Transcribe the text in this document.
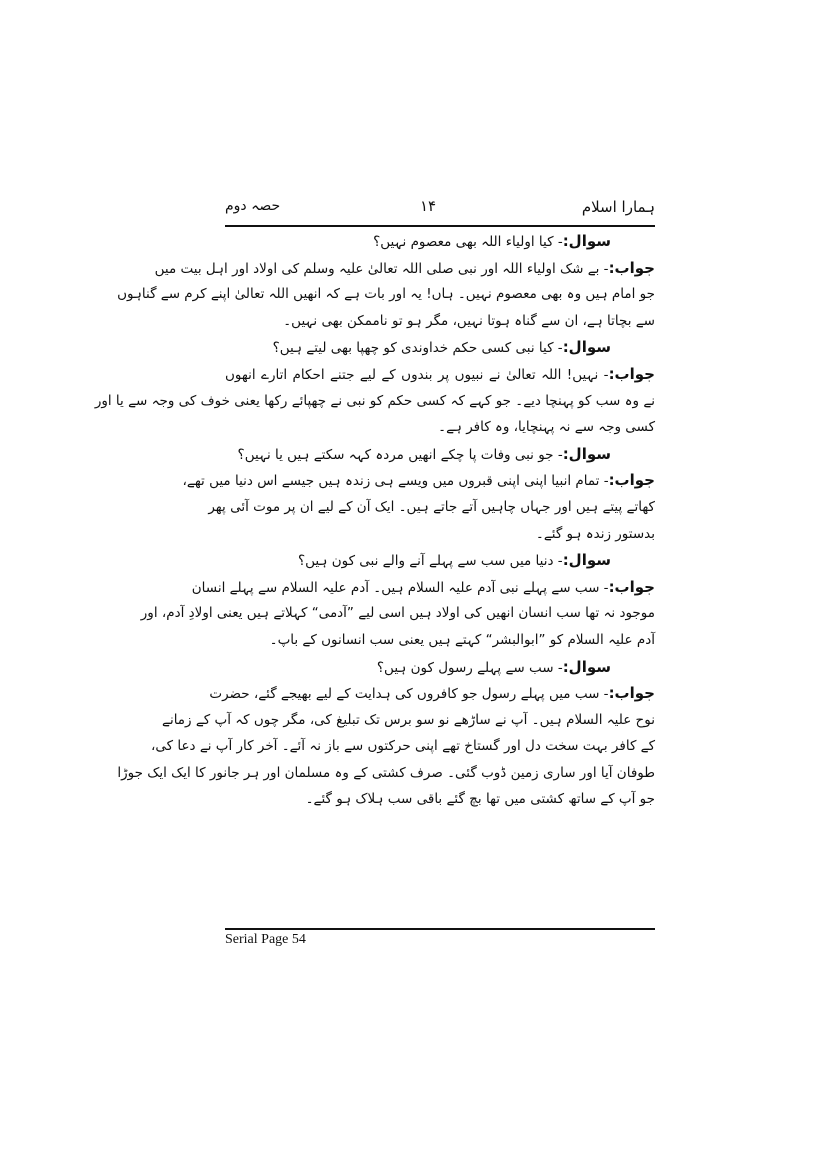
ہمارا اسلام
۱۴
حصہ دوم
سوال:- کیا اولیاء اللہ بھی معصوم نہیں؟
جواب:- بے شک اولیاء اللہ اور نبی صلی اللہ تعالیٰ علیہ وسلم کی اولاد اور اہل بیت میں
جو امام ہیں وہ بھی معصوم نہیں۔ ہاں! یہ اور بات ہے کہ انھیں اللہ تعالیٰ اپنے کرم سے گناہوں
سے بچاتا ہے، ان سے گناہ ہوتا نہیں، مگر ہو تو ناممکن بھی نہیں۔
سوال:- کیا نبی کسی حکم خداوندی کو چھپا بھی لیتے ہیں؟
جواب:- نہیں! اللہ تعالیٰ نے نبیوں پر بندوں کے لیے جتنے احکام اتارے انھوں
نے وہ سب کو پہنچا دیے۔ جو کہے کہ کسی حکم کو نبی نے چھپائے رکھا یعنی خوف کی وجہ سے یا اور
کسی وجہ سے نہ پہنچایا، وہ کافر ہے۔
سوال:- جو نبی وفات پا چکے انھیں مردہ کہہ سکتے ہیں یا نہیں؟
جواب:- تمام انبیا اپنی اپنی قبروں میں ویسے ہی زندہ ہیں جیسے اس دنیا میں تھے،
کھاتے پیتے ہیں اور جہاں چاہیں آتے جاتے ہیں۔ ایک آن کے لیے ان پر موت آئی پھر
بدستور زندہ ہو گئے۔
سوال:- دنیا میں سب سے پہلے آنے والے نبی کون ہیں؟
جواب:- سب سے پہلے نبی آدم علیہ السلام ہیں۔ آدم علیہ السلام سے پہلے انسان
موجود نہ تھا سب انسان انھیں کی اولاد ہیں اسی لیے ”آدمی“ کہلاتے ہیں یعنی اولادِ آدم، اور
آدم علیہ السلام کو ”ابوالبشر“ کہتے ہیں یعنی سب انسانوں کے باپ۔
سوال:- سب سے پہلے رسول کون ہیں؟
جواب:- سب میں پہلے رسول جو کافروں کی ہدایت کے لیے بھیجے گئے، حضرت
نوح علیہ السلام ہیں۔ آپ نے ساڑھے نو سو برس تک تبلیغ کی، مگر چوں کہ آپ کے زمانے
کے کافر بہت سخت دل اور گستاخ تھے اپنی حرکتوں سے باز نہ آئے۔ آخر کار آپ نے دعا کی،
طوفان آیا اور ساری زمین ڈوب گئی۔ صرف کشتی کے وہ مسلمان اور ہر جانور کا ایک ایک جوڑا
جو آپ کے ساتھ کشتی میں تھا بچ گئے باقی سب ہلاک ہو گئے۔
Serial Page 54
